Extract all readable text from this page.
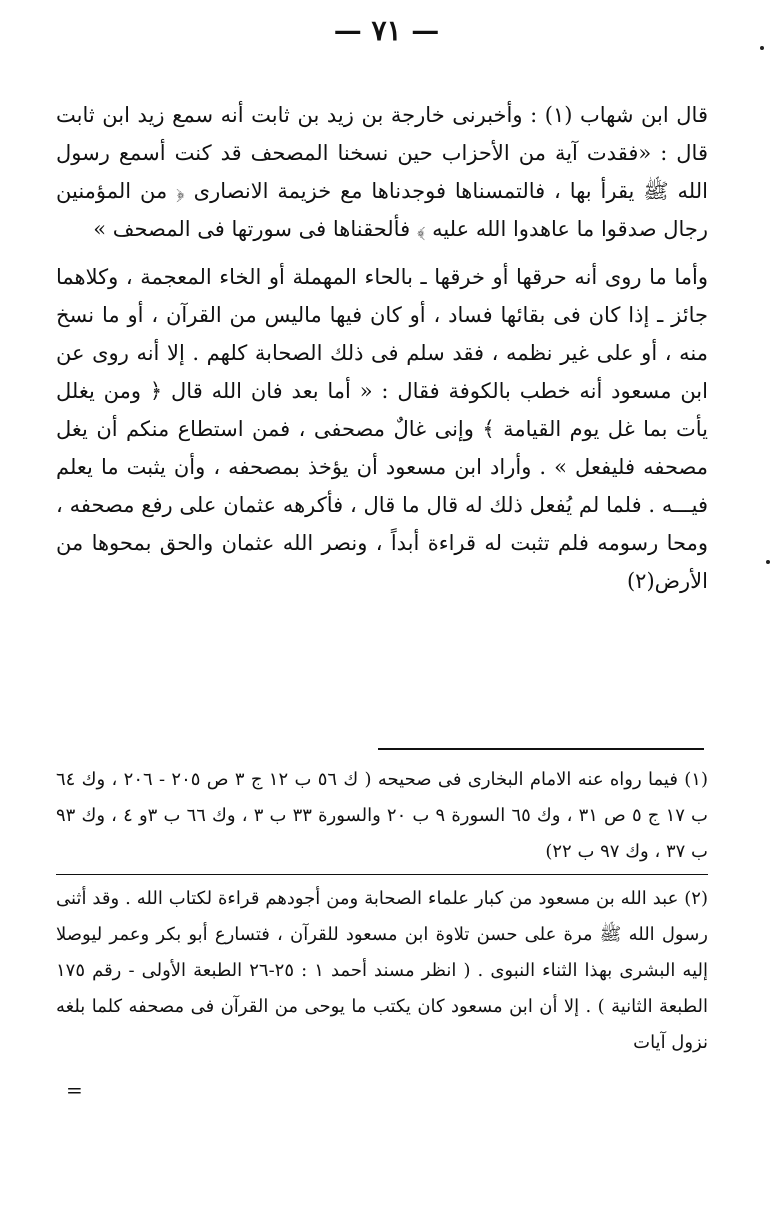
— ٧١ —

قال ابن شهاب (١) : وأخبرنى خارجة بن زيد بن ثابت أنه سمع زيد ابن ثابت قال : «فقدت آية من الأحزاب حين نسخنا المصحف قد كنت أسمع رسول الله ﷺ يقرأ بها ، فالتمسناها فوجدناها مع خزيمة الانصارى ﴿ من المؤمنين رجال صدقوا ما عاهدوا الله عليه ﴾ فألحقناها فى سورتها فى المصحف »

وأما ما روى أنه حرقها أو خرقها ـ بالحاء المهملة أو الخاء المعجمة ، وكلاهما جائز ـ إذا كان فى بقائها فساد ، أو كان فيها ماليس من القرآن ، أو ما نسخ منه ، أو على غير نظمه ، فقد سلم فى ذلك الصحابة كلهم . إلا أنه روى عن ابن مسعود أنه خطب بالكوفة فقال : « أما بعد فان الله قال ﴿ ومن يغلل يأت بما غل يوم القيامة ﴾ وإنى غالٌ مصحفى ، فمن استطاع منكم أن يغل مصحفه فليفعل » . وأراد ابن مسعود أن يؤخذ بمصحفه ، وأن يثبت ما يعلم فيـــه . فلما لم يُفعل ذلك له قال ما قال ، فأكرهه عثمان على رفع مصحفه ، ومحا رسومه فلم تثبت له قراءة أبداً ، ونصر الله عثمان والحق بمحوها من الأرض(٢)

(١) فيما رواه عنه الامام البخارى فى صحيحه ( ك ٥٦ ب ١٢ ج ٣ ص ٢٠٥ - ٢٠٦ ، وك ٦٤ ب ١٧ ج ٥ ص ٣١ ، وك ٦٥ السورة ٩ ب ٢٠ والسورة ٣٣ ب ٣ ، وك ٦٦ ب ٣و ٤ ، وك ٩٣ ب ٣٧ ، وك ٩٧ ب ٢٢)

(٢) عبد الله بن مسعود من كبار علماء الصحابة ومن أجودهم قراءة لكتاب الله . وقد أثنى رسول الله ﷺ مرة على حسن تلاوة ابن مسعود للقرآن ، فتسارع أبو بكر وعمر ليوصلا إليه البشرى بهذا الثناء النبوى . ( انظر مسند أحمد ١ : ٢٥-٢٦ الطبعة الأولى - رقم ١٧٥ الطبعة الثانية ) . إلا أن ابن مسعود كان يكتب ما يوحى من القرآن فى مصحفه كلما بلغه نزول آيات

=
